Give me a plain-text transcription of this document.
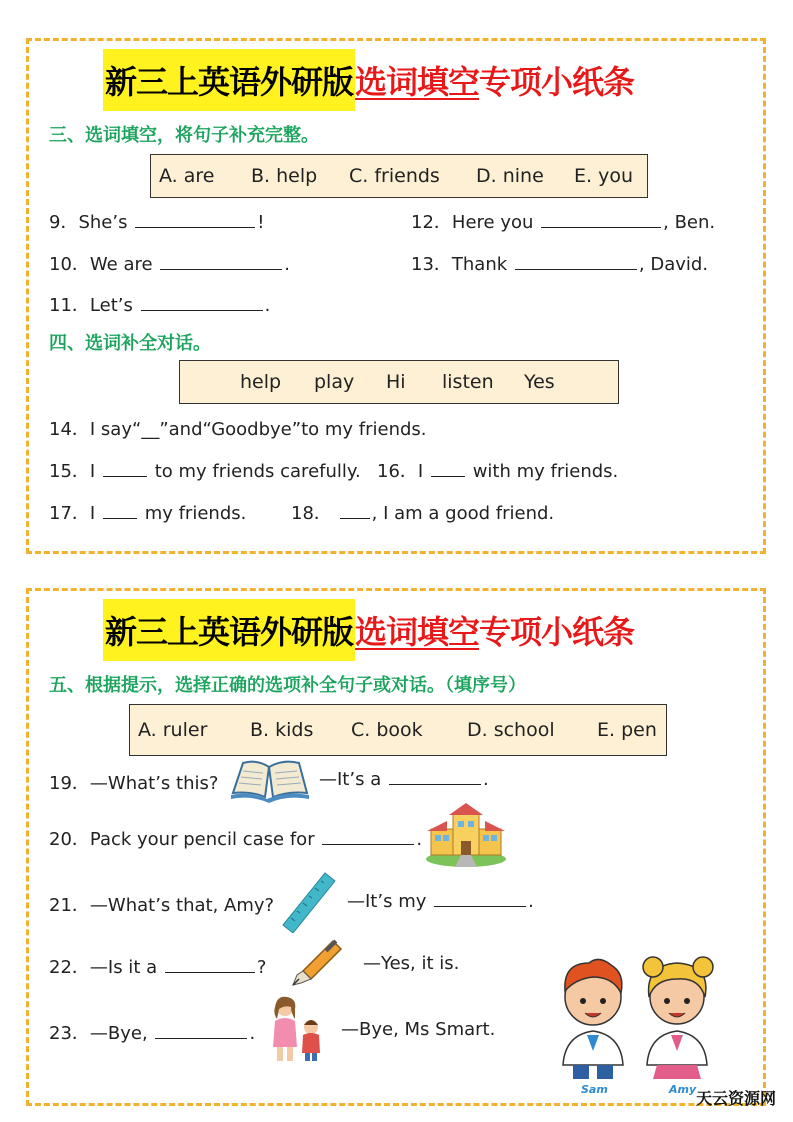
新三上英语外研版 选词填空 专项小纸条
三、选词填空，将句子补充完整。
A. are	B. help	C. friends	D. nine	E. you
9．She’s	!	12．Here you	, Ben.
10．We are	.	13．Thank	, David.
11．Let’s	.
四、选词补全对话。
help	play	Hi	listen	Yes
14．I say“__”and“Goodbye”to my friends.
15．I	to my friends carefully. 16．I	with my friends.
17．I	my friends. 18． , I am a good friend.
新三上英语外研版 选词填空 专项小纸条
五、根据提示，选择正确的选项补全句子或对话。（填序号）
A. ruler	B. kids	C. book	D. school	E. pen
19．—What’s this?	—It’s a	.
20．Pack your pencil case for	.
21．—What’s that, Amy?	—It’s my	.
22．—Is it a	?	—Yes, it is.
23．—Bye,	.	—Bye, Ms Smart.
Sam	Amy 天云资源网
